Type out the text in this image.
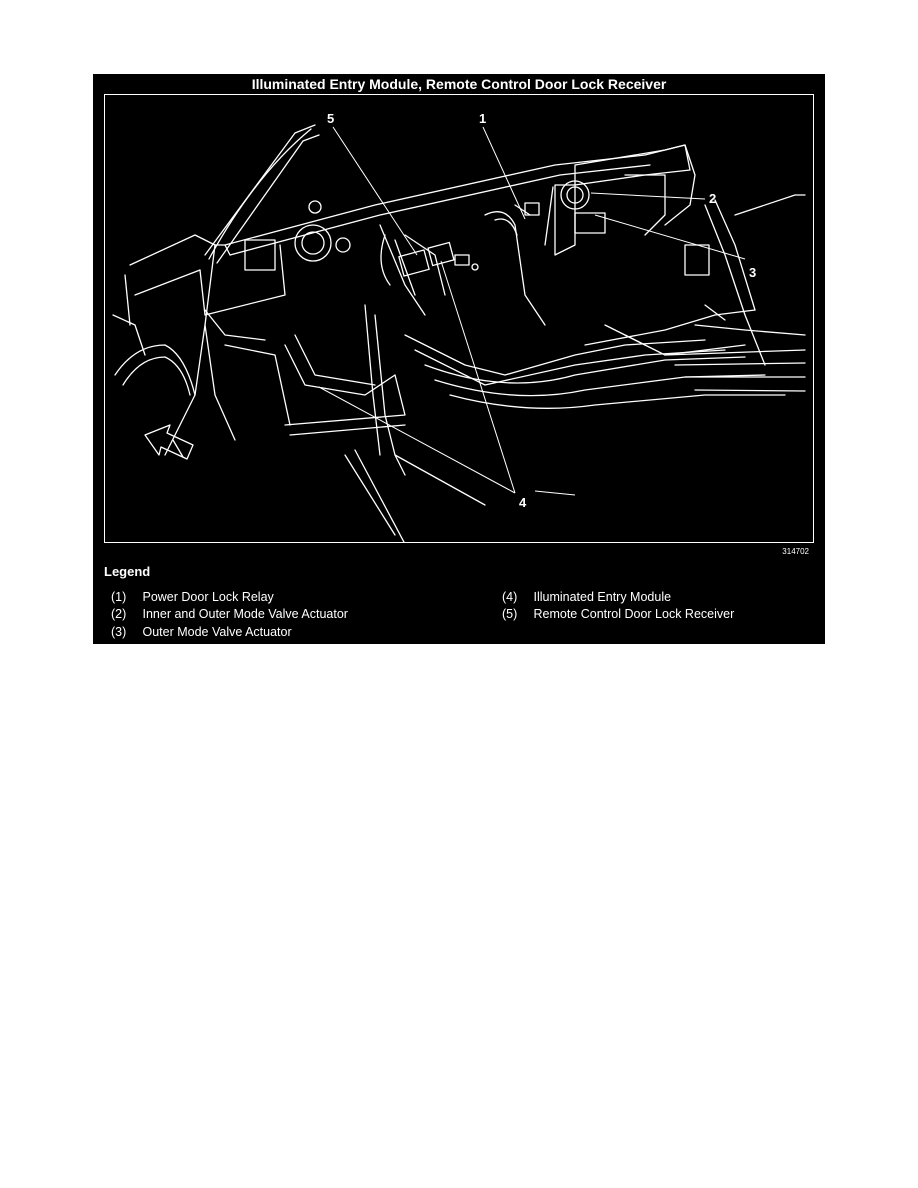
Illuminated Entry Module, Remote Control Door Lock Receiver
5	1
2
3
4
314702
Legend
(1) Power Door Lock Relay
(2) Inner and Outer Mode Valve Actuator
(3) Outer Mode Valve Actuator
(4) Illuminated Entry Module
(5) Remote Control Door Lock Receiver
